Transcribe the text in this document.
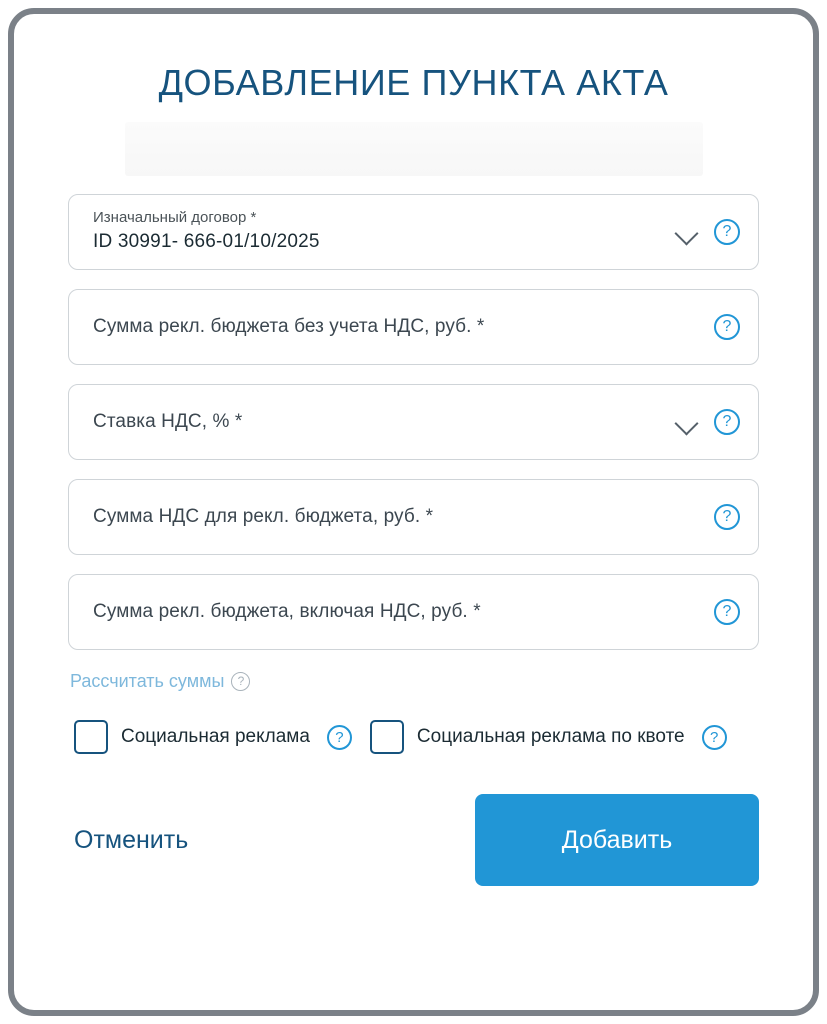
ДОБАВЛЕНИЕ ПУНКТА АКТА
Изначальный договор *
ID 30991- 666-01/10/2025	?
Сумма рекл. бюджета без учета НДС, руб. *	?
Ставка НДС, % *	?
Сумма НДС для рекл. бюджета, руб. *	?
Сумма рекл. бюджета, включая НДС, руб. *	?
Рассчитать суммы	?
Социальная реклама	?	Социальная реклама по квоте	?
Отменить	Добавить
